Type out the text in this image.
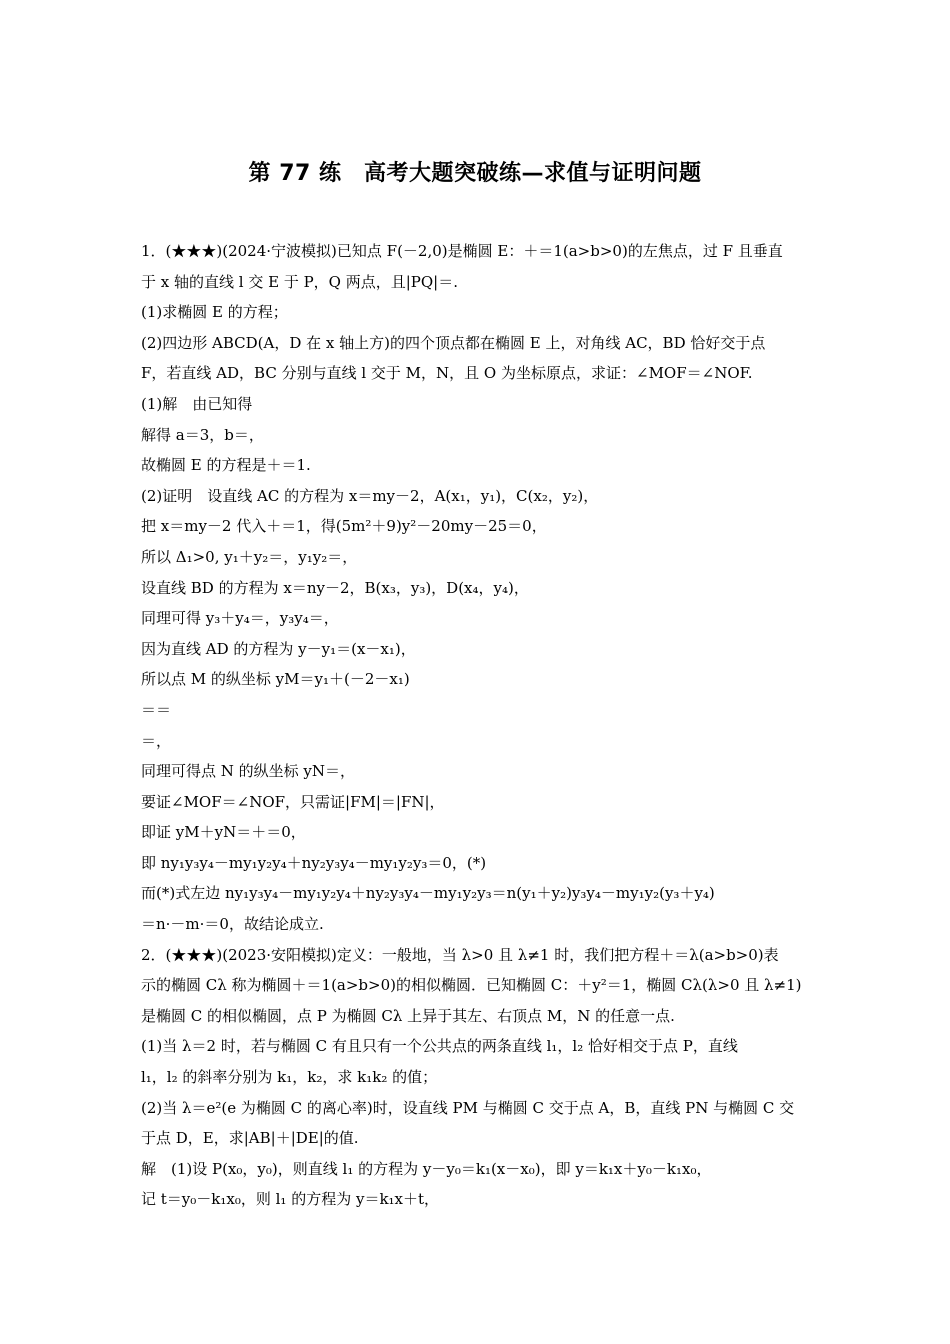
第 77 练　高考大题突破练—求值与证明问题
1．(★★★)(2024·宁波模拟)已知点 F(－2,0)是椭圆 E：＋＝1(a>b>0)的左焦点，过 F 且垂直
于 x 轴的直线 l 交 E 于 P，Q 两点，且|PQ|＝.
(1)求椭圆 E 的方程；
(2)四边形 ABCD(A，D 在 x 轴上方)的四个顶点都在椭圆 E 上，对角线 AC，BD 恰好交于点
F，若直线 AD，BC 分别与直线 l 交于 M，N，且 O 为坐标原点，求证：∠MOF＝∠NOF.
(1)解　由已知得
解得 a＝3，b＝，
故椭圆 E 的方程是＋＝1.
(2)证明　设直线 AC 的方程为 x＝my－2，A(x₁，y₁)，C(x₂，y₂)，
把 x＝my－2 代入＋＝1，得(5m²＋9)y²－20my－25＝0，
所以 Δ₁>0, y₁＋y₂＝，y₁y₂＝，
设直线 BD 的方程为 x＝ny－2，B(x₃，y₃)，D(x₄，y₄)，
同理可得 y₃＋y₄＝，y₃y₄＝，
因为直线 AD 的方程为 y－y₁＝(x－x₁)，
所以点 M 的纵坐标 yM＝y₁＋(－2－x₁)
＝＝
＝，
同理可得点 N 的纵坐标 yN＝，
要证∠MOF＝∠NOF，只需证|FM|＝|FN|，
即证 yM＋yN＝＋＝0，
即 ny₁y₃y₄－my₁y₂y₄＋ny₂y₃y₄－my₁y₂y₃＝0，(*)
而(*)式左边 ny₁y₃y₄－my₁y₂y₄＋ny₂y₃y₄－my₁y₂y₃＝n(y₁＋y₂)y₃y₄－my₁y₂(y₃＋y₄)
＝n·－m·＝0，故结论成立.
2．(★★★)(2023·安阳模拟)定义：一般地，当 λ>0 且 λ≠1 时，我们把方程＋＝λ(a>b>0)表
示的椭圆 Cλ 称为椭圆＋＝1(a>b>0)的相似椭圆．已知椭圆 C：＋y²＝1，椭圆 Cλ(λ>0 且 λ≠1)
是椭圆 C 的相似椭圆，点 P 为椭圆 Cλ 上异于其左、右顶点 M，N 的任意一点.
(1)当 λ＝2 时，若与椭圆 C 有且只有一个公共点的两条直线 l₁，l₂ 恰好相交于点 P，直线
l₁，l₂ 的斜率分别为 k₁，k₂，求 k₁k₂ 的值；
(2)当 λ＝e²(e 为椭圆 C 的离心率)时，设直线 PM 与椭圆 C 交于点 A，B，直线 PN 与椭圆 C 交
于点 D，E，求|AB|＋|DE|的值.
解　(1)设 P(x₀，y₀)，则直线 l₁ 的方程为 y－y₀＝k₁(x－x₀)，即 y＝k₁x＋y₀－k₁x₀，
记 t＝y₀－k₁x₀，则 l₁ 的方程为 y＝k₁x＋t，
